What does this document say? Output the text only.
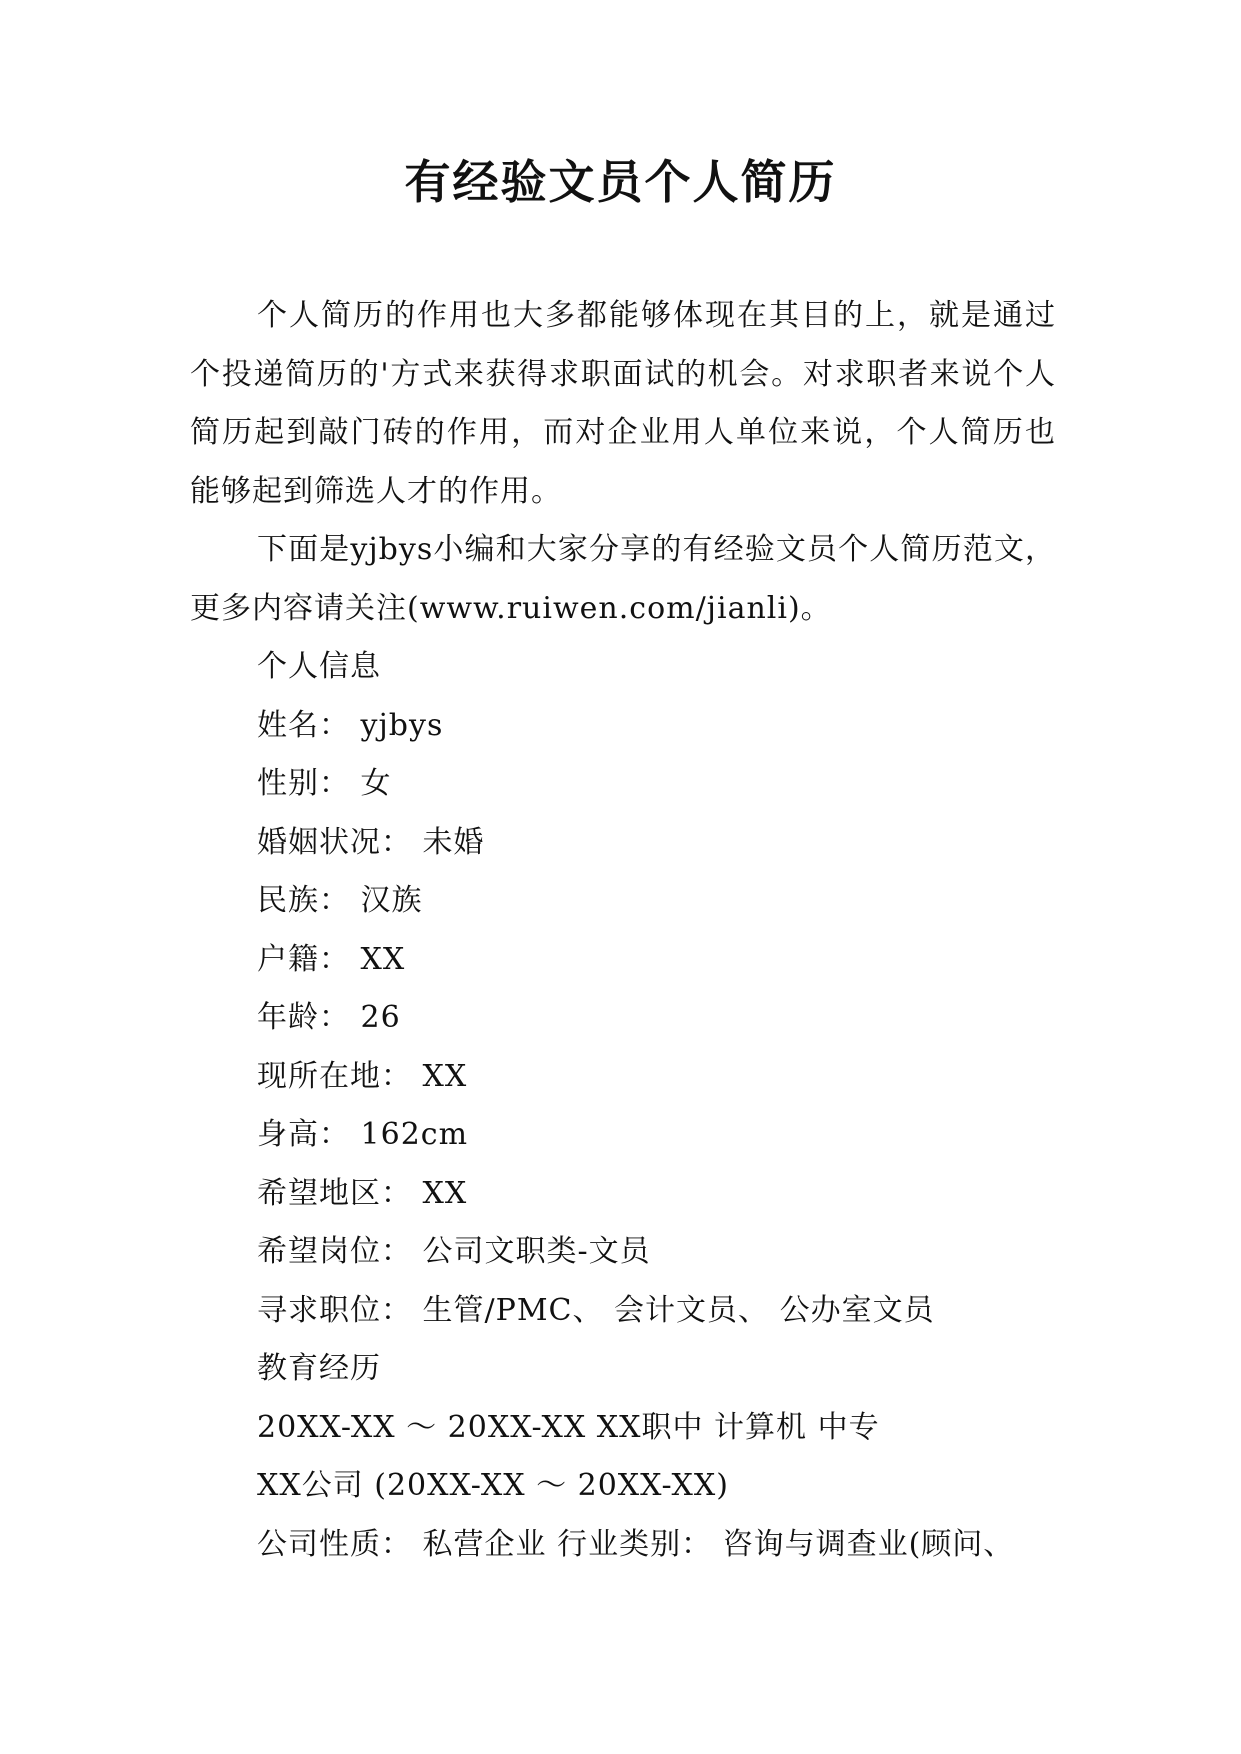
有经验文员个人简历

个人简历的作用也大多都能够体现在其目的上，就是通过个投递简历的'方式来获得求职面试的机会。对求职者来说个人简历起到敲门砖的作用，而对企业用人单位来说，个人简历也能够起到筛选人才的作用。

下面是yjbys小编和大家分享的有经验文员个人简历范文，更多内容请关注(www.ruiwen.com/jianli)。

个人信息

姓名： yjbys

性别： 女

婚姻状况： 未婚

民族： 汉族

户籍： XX

年龄： 26

现所在地： XX

身高： 162cm

希望地区： XX

希望岗位： 公司文职类-文员

寻求职位： 生管/PMC、 会计文员、 公办室文员

教育经历

20XX-XX ～ 20XX-XX XX职中 计算机 中专

XX公司 (20XX-XX ～ 20XX-XX)

公司性质： 私营企业 行业类别： 咨询与调查业(顾问、
